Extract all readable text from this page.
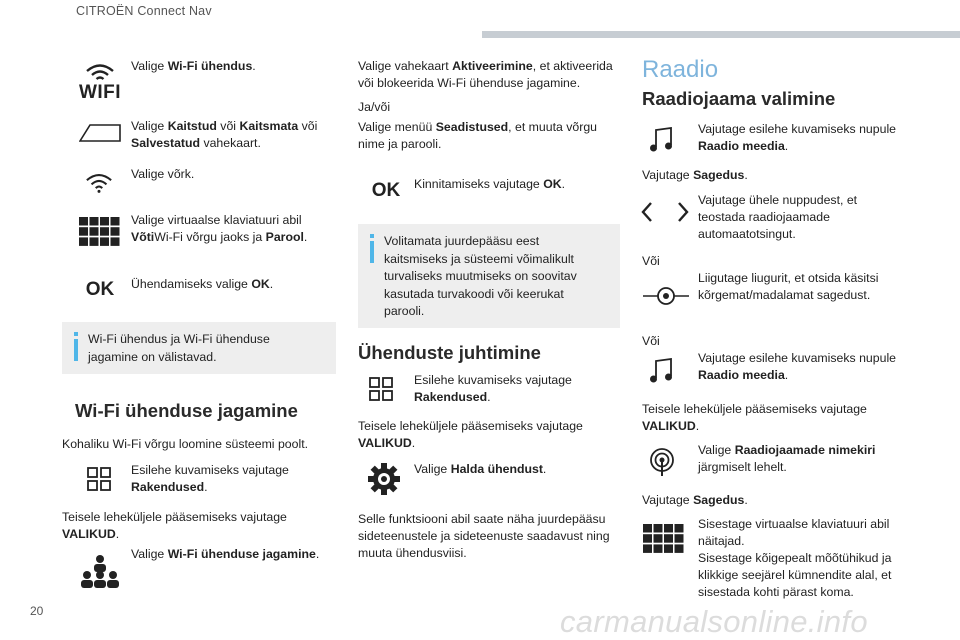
CITROËN Connect Nav
WIFI
Valige Wi-Fi ühendus.
Valige Kaitstud või Kaitsmata või Salvestatud vahekaart.
Valige võrk.
Valige virtuaalse klaviatuuri abil VõtiWi-Fi võrgu jaoks ja Parool.
OK	Ühendamiseks valige OK.
Wi-Fi ühendus ja Wi-Fi ühenduse jagamine on välistavad.
Wi-Fi ühenduse jagamine
Kohaliku Wi-Fi võrgu loomine süsteemi poolt.
Esilehe kuvamiseks vajutage Rakendused.
Teisele leheküljele pääsemiseks vajutage VALIKUD.
Valige Wi-Fi ühenduse jagamine.
Valige vahekaart Aktiveerimine, et aktiveerida või blokeerida Wi-Fi ühenduse jagamine.
Ja/või
Valige menüü Seadistused, et muuta võrgu nime ja parooli.
OK	Kinnitamiseks vajutage OK.
Volitamata juurdepääsu eest kaitsmiseks ja süsteemi võimalikult turvaliseks muutmiseks on soovitav kasutada turvakoodi või keerukat parooli.
Ühenduste juhtimine
Esilehe kuvamiseks vajutage Rakendused.
Teisele leheküljele pääsemiseks vajutage VALIKUD.
Valige Halda ühendust.
Selle funktsiooni abil saate näha juurdepääsu sideteenustele ja sideteenuste saadavust ning muuta ühendusviisi.
Raadio
Raadiojaama valimine
Vajutage esilehe kuvamiseks nupule Raadio meedia.
Vajutage Sagedus.
Vajutage ühele nuppudest, et teostada raadiojaamade automaatotsingut.
Või
Liigutage liugurit, et otsida käsitsi kõrgemat/madalamat sagedust.
Või
Vajutage esilehe kuvamiseks nupule Raadio meedia.
Teisele leheküljele pääsemiseks vajutage VALIKUD.
Valige Raadiojaamade nimekiri järgmiselt lehelt.
Vajutage Sagedus.
Sisestage virtuaalse klaviatuuri abil näitajad.
Sisestage kõigepealt mõõtühikud ja klikkige seejärel kümnendite alal, et sisestada kohti pärast koma.
20	carmanualsonline.info
